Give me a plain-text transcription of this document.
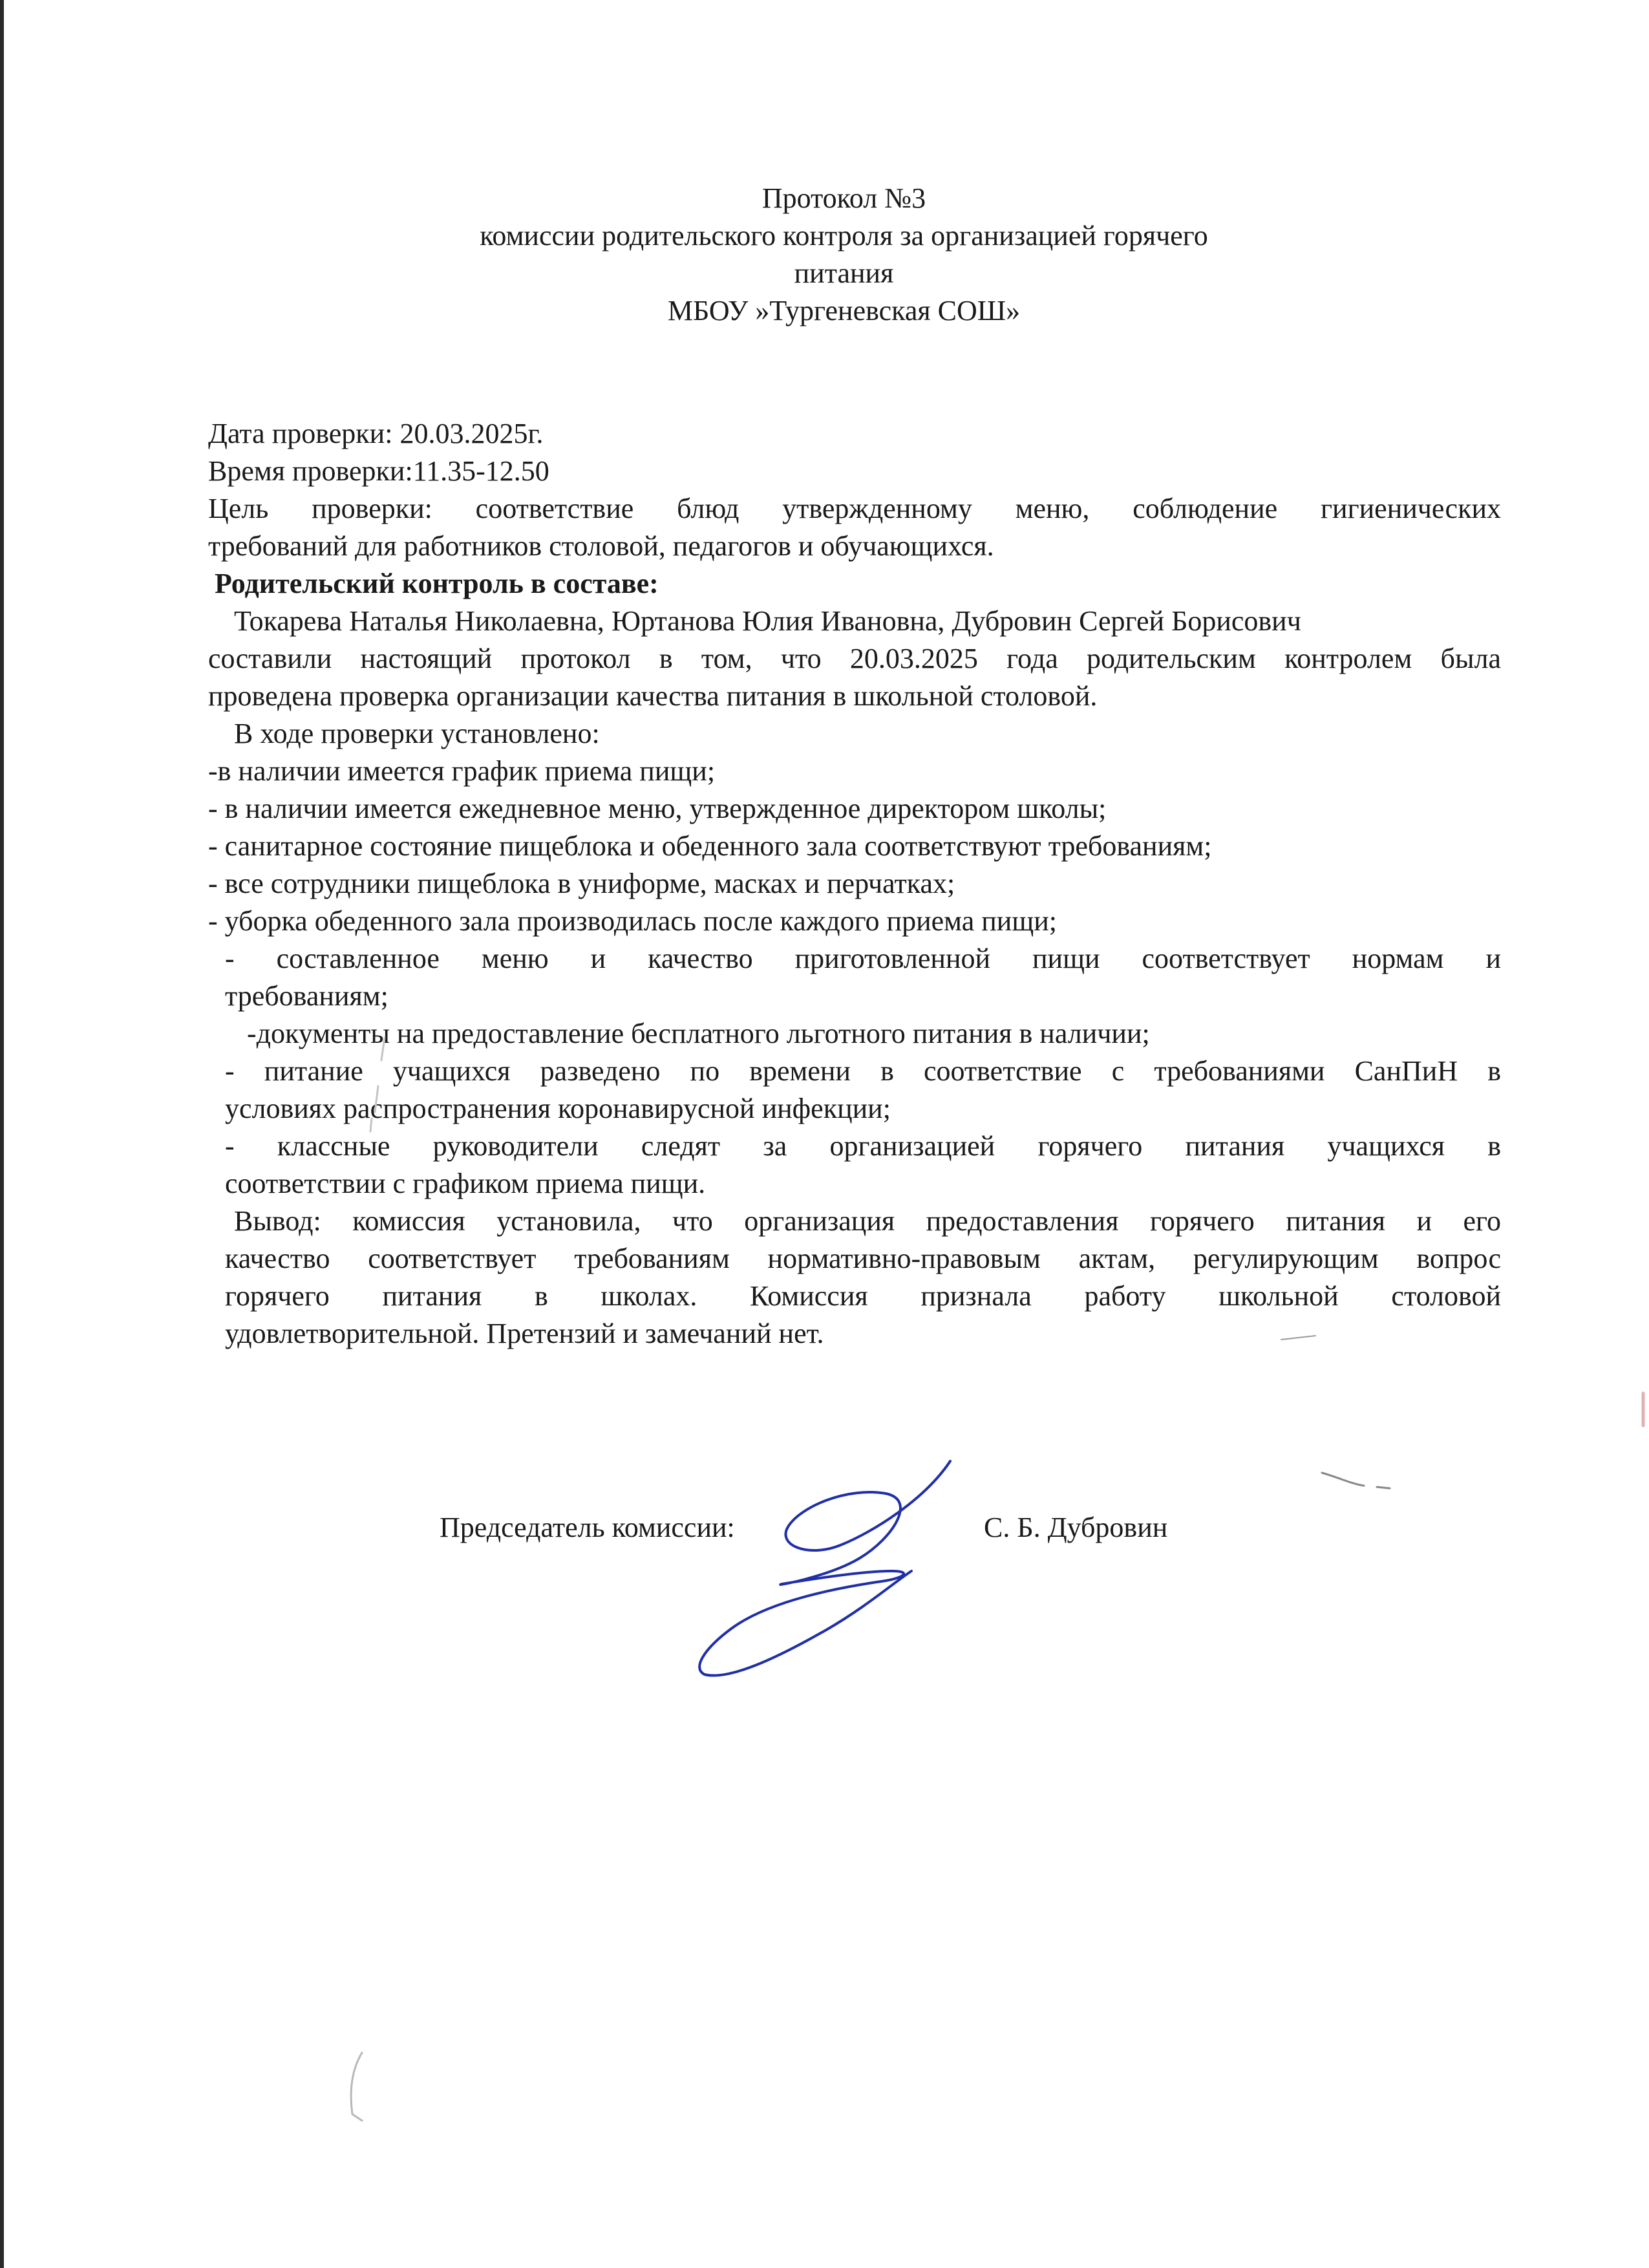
Протокол №3
комиссии родительского контроля за организацией горячего
питания
МБОУ »Тургеневская СОШ»
Дата проверки: 20.03.2025г.
Время проверки:11.35-12.50
Цель проверки: соответствие блюд утвержденному меню, соблюдение гигиенических
требований для работников столовой, педагогов и обучающихся.
Родительский контроль в составе:
Токарева Наталья Николаевна, Юртанова Юлия Ивановна, Дубровин Сергей Борисович
составили настоящий протокол в том, что 20.03.2025 года родительским контролем была
проведена проверка организации качества питания в школьной столовой.
В ходе проверки установлено:
-в наличии имеется график приема пищи;
- в наличии имеется ежедневное меню, утвержденное директором школы;
- санитарное состояние пищеблока и обеденного зала соответствуют требованиям;
- все сотрудники пищеблока в униформе, масках и перчатках;
- уборка обеденного зала производилась после каждого приема пищи;
- составленное меню и качество приготовленной пищи соответствует нормам и
требованиям;
-документы на предоставление бесплатного льготного питания в наличии;
- питание учащихся разведено по времени в соответствие с требованиями СанПиН в
условиях распространения коронавирусной инфекции;
- классные руководители следят за организацией горячего питания учащихся в
соответствии с графиком приема пищи.
Вывод: комиссия установила, что организация предоставления горячего питания и его
качество соответствует требованиям нормативно-правовым актам, регулирующим вопрос
горячего питания в школах. Комиссия признала работу школьной столовой
удовлетворительной. Претензий и замечаний нет.
Председатель комиссии:	С. Б. Дубровин
